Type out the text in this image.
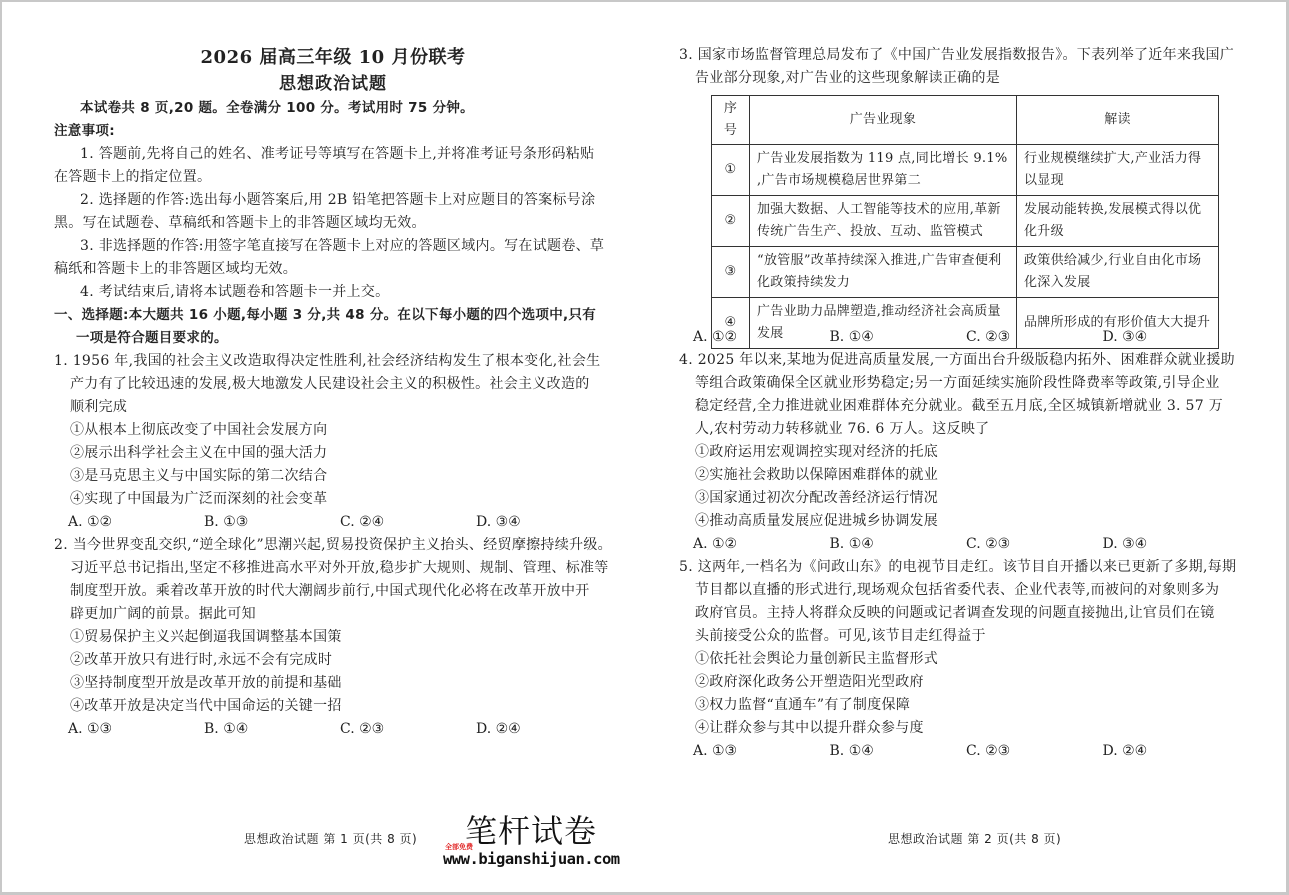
2026 届高三年级 10 月份联考
思想政治试题
本试卷共 8 页,20 题。全卷满分 100 分。考试用时 75 分钟。
注意事项:
1. 答题前,先将自己的姓名、准考证号等填写在答题卡上,并将准考证号条形码粘贴
在答题卡上的指定位置。
2. 选择题的作答:选出每小题答案后,用 2B 铅笔把答题卡上对应题目的答案标号涂
黑。写在试题卷、草稿纸和答题卡上的非答题区域均无效。
3. 非选择题的作答:用签字笔直接写在答题卡上对应的答题区域内。写在试题卷、草
稿纸和答题卡上的非答题区域均无效。
4. 考试结束后,请将本试题卷和答题卡一并上交。
一、选择题:本大题共 16 小题,每小题 3 分,共 48 分。在以下每小题的四个选项中,只有
一项是符合题目要求的。
1. 1956 年,我国的社会主义改造取得决定性胜利,社会经济结构发生了根本变化,社会生
产力有了比较迅速的发展,极大地激发人民建设社会主义的积极性。社会主义改造的
顺利完成
①从根本上彻底改变了中国社会发展方向
②展示出科学社会主义在中国的强大活力
③是马克思主义与中国实际的第二次结合
④实现了中国最为广泛而深刻的社会变革
A. ①②	B. ①③	C. ②④	D. ③④
2. 当今世界变乱交织,“逆全球化”思潮兴起,贸易投资保护主义抬头、经贸摩擦持续升级。
习近平总书记指出,坚定不移推进高水平对外开放,稳步扩大规则、规制、管理、标准等
制度型开放。乘着改革开放的时代大潮阔步前行,中国式现代化必将在改革开放中开
辟更加广阔的前景。据此可知
①贸易保护主义兴起倒逼我国调整基本国策
②改革开放只有进行时,永远不会有完成时
③坚持制度型开放是改革开放的前提和基础
④改革开放是决定当代中国命运的关键一招
A. ①③	B. ①④	C. ②③	D. ②④
3. 国家市场监督管理总局发布了《中国广告业发展指数报告》。下表列举了近年来我国广
告业部分现象,对广告业的这些现象解读正确的是
序号	广告业现象	解读
①	广告业发展指数为 119 点,同比增长 9.1% ,广告市场规模稳居世界第二	行业规模继续扩大,产业活力得以显现
②	加强大数据、人工智能等技术的应用,革新传统广告生产、投放、互动、监管模式	发展动能转换,发展模式得以优化升级
③	“放管服”改革持续深入推进,广告审查便利化政策持续发力	政策供给减少,行业自由化市场化深入发展
④	广告业助力品牌塑造,推动经济社会高质量发展	品牌所形成的有形价值大大提升
A. ①②	B. ①④	C. ②③	D. ③④
4. 2025 年以来,某地为促进高质量发展,一方面出台升级版稳内拓外、困难群众就业援助
等组合政策确保全区就业形势稳定;另一方面延续实施阶段性降费率等政策,引导企业
稳定经营,全力推进就业困难群体充分就业。截至五月底,全区城镇新增就业 3. 57 万
人,农村劳动力转移就业 76. 6 万人。这反映了
①政府运用宏观调控实现对经济的托底
②实施社会救助以保障困难群体的就业
③国家通过初次分配改善经济运行情况
④推动高质量发展应促进城乡协调发展
A. ①②	B. ①④	C. ②③	D. ③④
5. 这两年,一档名为《问政山东》的电视节目走红。该节目自开播以来已更新了多期,每期
节目都以直播的形式进行,现场观众包括省委代表、企业代表等,而被问的对象则多为
政府官员。主持人将群众反映的问题或记者调查发现的问题直接抛出,让官员们在镜
头前接受公众的监督。可见,该节目走红得益于
①依托社会舆论力量创新民主监督形式
②政府深化政务公开塑造阳光型政府
③权力监督“直通车”有了制度保障
④让群众参与其中以提升群众参与度
A. ①③	B. ①④	C. ②③	D. ②④
思想政治试题 第 1 页(共 8 页)	思想政治试题 第 2 页(共 8 页)
笔杆试卷
全部免费
www.biganshijuan.com
